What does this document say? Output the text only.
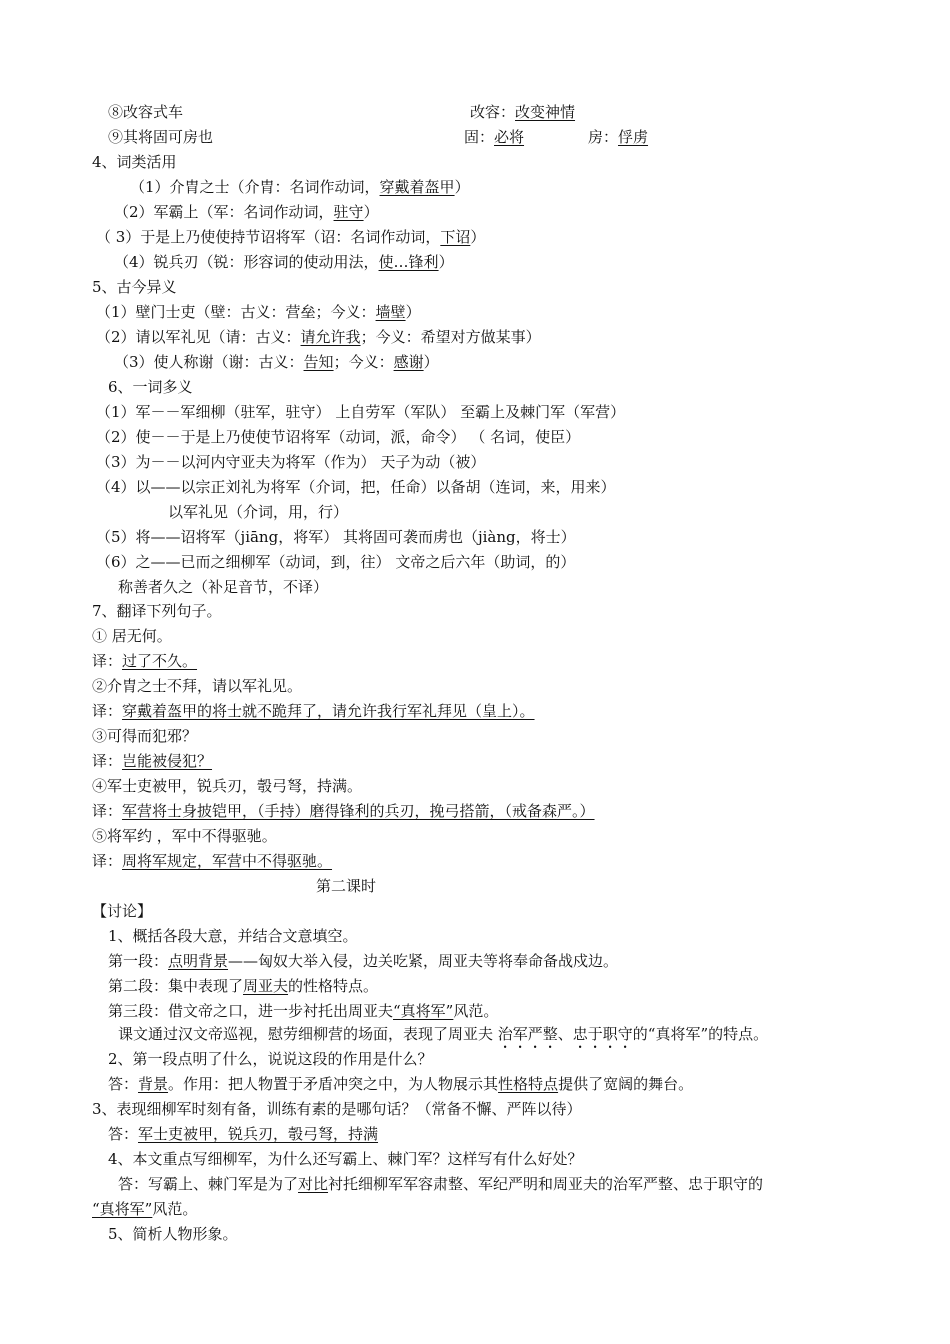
⑧改容式车	改容：改变神情
⑨其将固可房也	固：必将	房：俘虏
4、词类活用
（1）介胄之士（介胄：名词作动词，穿戴着盔甲）
（2）军霸上（军：名词作动词，驻守）
（ 3）于是上乃使使持节诏将军（诏：名词作动词，下诏）
（4）锐兵刃（锐：形容词的使动用法，使…锋利）
5、古今异义
（1）壁门士吏（壁：古义：营垒；今义：墙壁）
（2）请以军礼见（请：古义：请允许我；今义：希望对方做某事）
（3）使人称谢（谢：古义：告知；今义：感谢）
6、一词多义
（1）军－－军细柳（驻军，驻守） 上自劳军（军队） 至霸上及棘门军（军营）
（2）使－－于是上乃使使节诏将军（动词，派，命令） （ 名词，使臣）
（3）为－－以河内守亚夫为将军（作为） 天子为动（被）
（4）以——以宗正刘礼为将军（介词，把，任命）以备胡（连词，来，用来）
以军礼见（介词，用，行）
（5）将——诏将军（jiāng，将军） 其将固可袭而虏也（jiàng，将士）
（6）之——已而之细柳军（动词，到，往） 文帝之后六年（助词，的）
称善者久之（补足音节，不译）
7、翻译下列句子。
① 居无何。
译：过了不久。
②介胄之士不拜，请以军礼见。
译：穿戴着盔甲的将士就不跪拜了，请允许我行军礼拜见（皇上）。
③可得而犯邪？
译：岂能被侵犯？
④军士吏被甲，锐兵刃，彀弓弩，持满。
译：军营将士身披铠甲，（手持）磨得锋利的兵刃，挽弓搭箭，（戒备森严。）
⑤将军约 ，军中不得驱驰。
译：周将军规定，军营中不得驱驰。
第二课时
【讨论】
1、概括各段大意，并结合文意填空。
第一段：点明背景——匈奴大举入侵，边关吃紧，周亚夫等将奉命备战戍边。
第二段：集中表现了周亚夫的性格特点。
第三段：借文帝之口，进一步衬托出周亚夫“真将军”风范。
课文通过汉文帝巡视，慰劳细柳营的场面，表现了周亚夫 治军严整、忠于职守的“真将军”的特点。
2、第一段点明了什么，说说这段的作用是什么？
答：背景。作用：把人物置于矛盾冲突之中，为人物展示其性格特点提供了宽阔的舞台。
3、表现细柳军时刻有备，训练有素的是哪句话？（常备不懈、严阵以待）
答：军士吏被甲，锐兵刃，彀弓弩，持满
4、本文重点写细柳军，为什么还写霸上、棘门军？这样写有什么好处？
答：写霸上、棘门军是为了对比衬托细柳军军容肃整、军纪严明和周亚夫的治军严整、忠于职守的
“真将军”风范。
5、简析人物形象。
